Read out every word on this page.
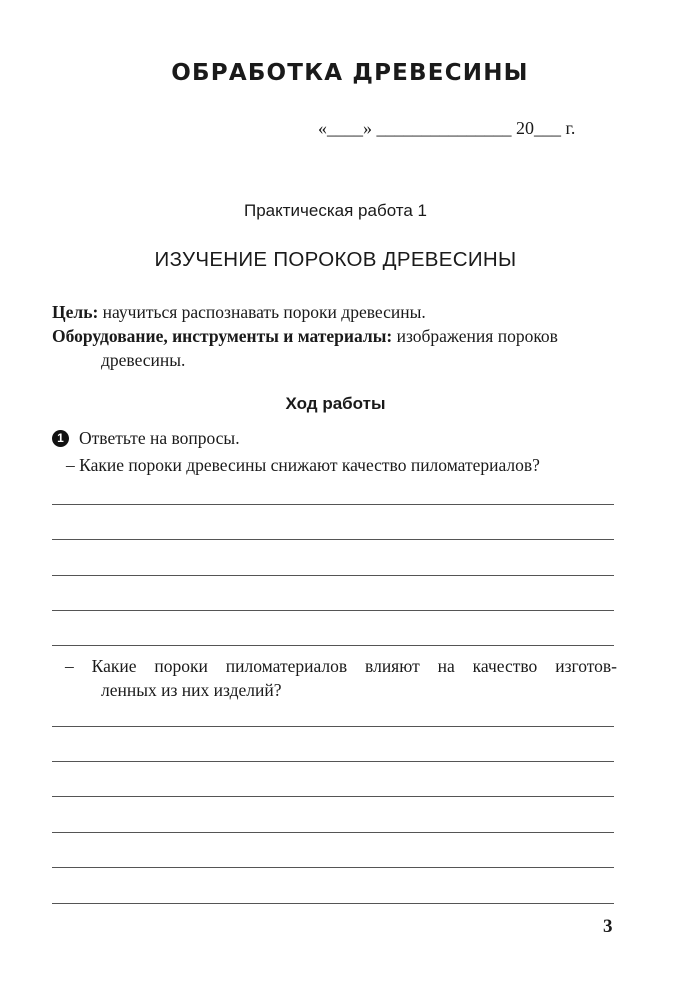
ОБРАБОТКА ДРЕВЕСИНЫ
«____» _______________ 20___ г.
Практическая работа 1
ИЗУЧЕНИЕ ПОРОКОВ ДРЕВЕСИНЫ
Цель: научиться распознавать пороки древесины.
Оборудование, инструменты и материалы: изображения пороков
древесины.
Ход работы
1 Ответьте на вопросы.
– Какие пороки древесины снижают качество пиломатериалов?
– Какие пороки пиломатериалов влияют на качество изготов-
ленных из них изделий?
3
